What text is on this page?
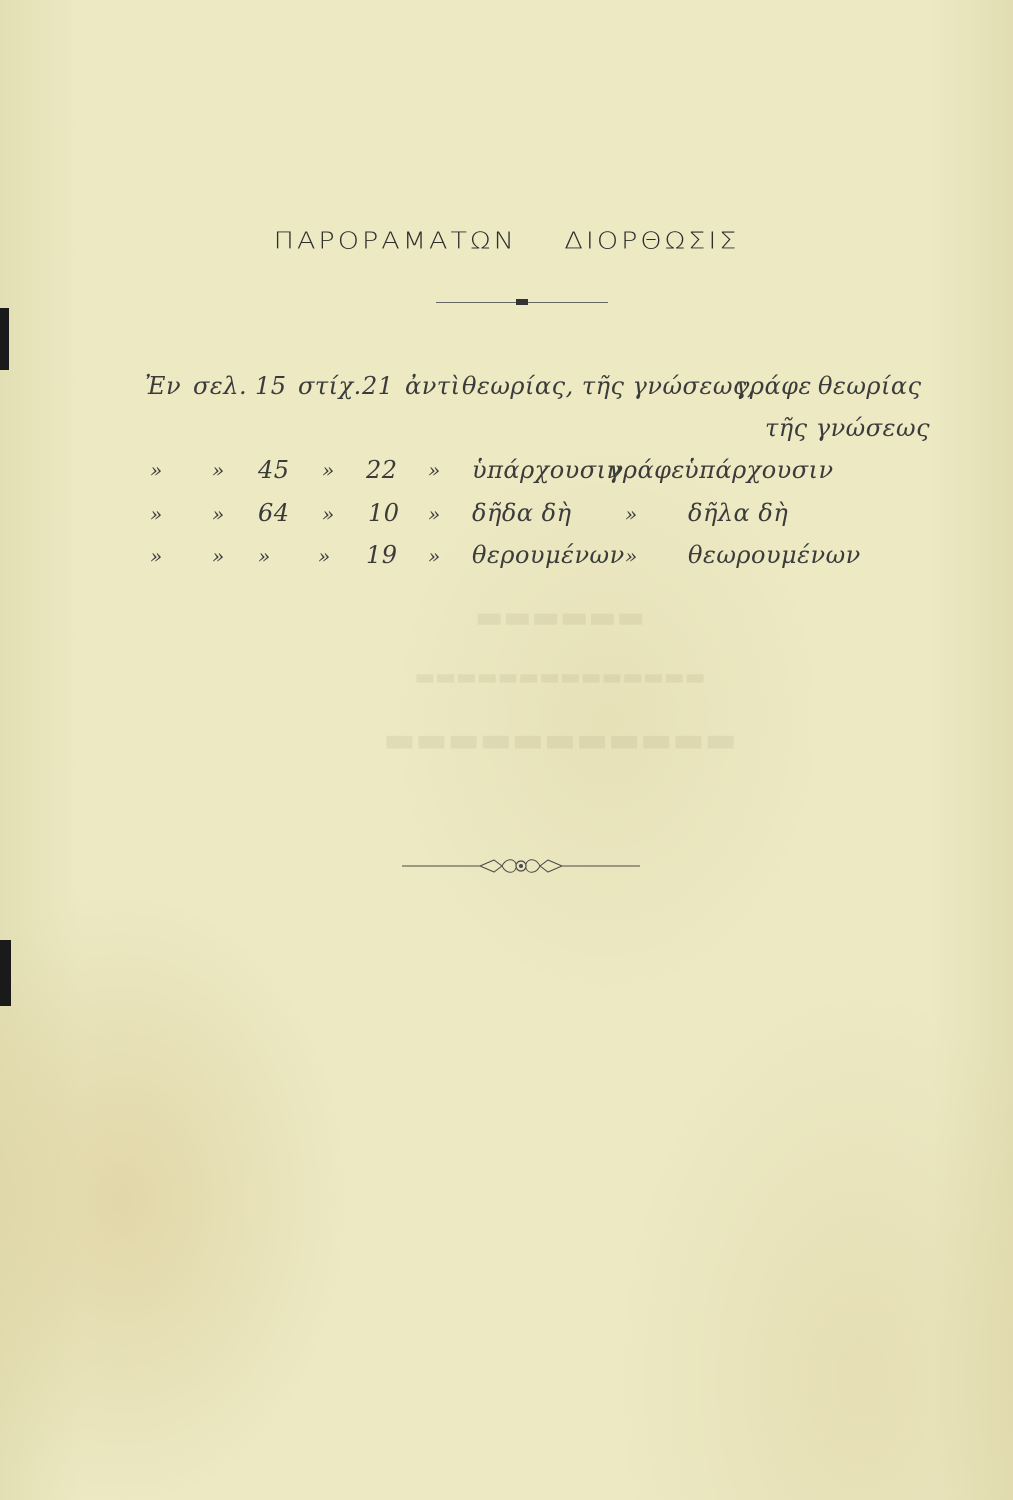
▬▬▬▬▬▬
▬▬▬▬▬▬▬▬▬▬▬▬▬▬
▬▬▬▬▬▬▬▬▬▬▬
ΠΑΡΟΡΑΜΑΤΩΝ ΔΙΟΡΘΩΣΙΣ
Ἐν σελ. 15 στίχ. 21 ἀντὶ θεωρίας, τῆς γνώσεως,
γράφε θεωρίας
τῆς γνώσεως
» » 45 » 22 » ὑπάρχουσιν
γράφε ὑπάρχουσιν
» » 64 » 10 » δῆδα δὴ	» δῆλα δὴ
» » » » 19 » θερουμένων » θεωρουμένων
